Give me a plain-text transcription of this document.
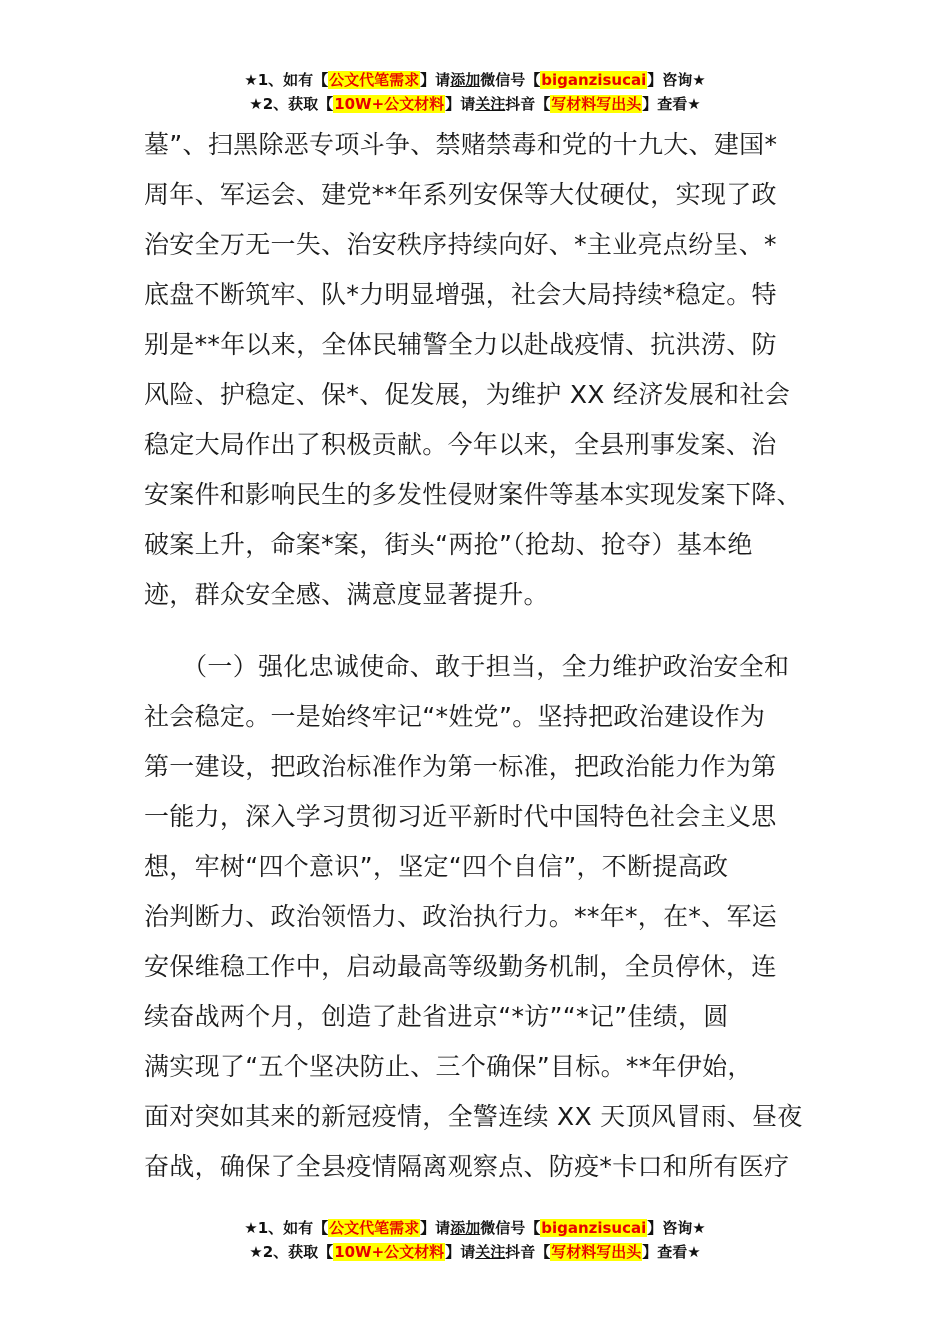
★1、如有【公文代笔需求】请添加微信号【biganzisucai】咨询★
★2、获取【10W+公文材料】请关注抖音【写材料写出头】查看★
墓”、扫黑除恶专项斗争、禁赌禁毒和党的十九大、建国*
周年、军运会、建党**年系列安保等大仗硬仗，实现了政
治安全万无一失、治安秩序持续向好、*主业亮点纷呈、*
底盘不断筑牢、队*力明显增强，社会大局持续*稳定。特
别是**年以来，全体民辅警全力以赴战疫情、抗洪涝、防
风险、护稳定、保*、促发展，为维护 XX 经济发展和社会
稳定大局作出了积极贡献。今年以来，全县刑事发案、治
安案件和影响民生的多发性侵财案件等基本实现发案下降、
破案上升，命案*案，街头“两抢”（抢劫、抢夺）基本绝
迹，群众安全感、满意度显著提升。
　　（一）强化忠诚使命、敢于担当，全力维护政治安全和
社会稳定。一是始终牢记“*姓党”。坚持把政治建设作为
第一建设，把政治标准作为第一标准，把政治能力作为第
一能力，深入学习贯彻习近平新时代中国特色社会主义思
想，牢树“四个意识”，坚定“四个自信”，不断提高政
治判断力、政治领悟力、政治执行力。**年*，在*、军运
安保维稳工作中，启动最高等级勤务机制，全员停休，连
续奋战两个月，创造了赴省进京“*访”“*记”佳绩，圆
满实现了“五个坚决防止、三个确保”目标。**年伊始，
面对突如其来的新冠疫情，全警连续 XX 天顶风冒雨、昼夜
奋战，确保了全县疫情隔离观察点、防疫*卡口和所有医疗
★1、如有【公文代笔需求】请添加微信号【biganzisucai】咨询★
★2、获取【10W+公文材料】请关注抖音【写材料写出头】查看★
